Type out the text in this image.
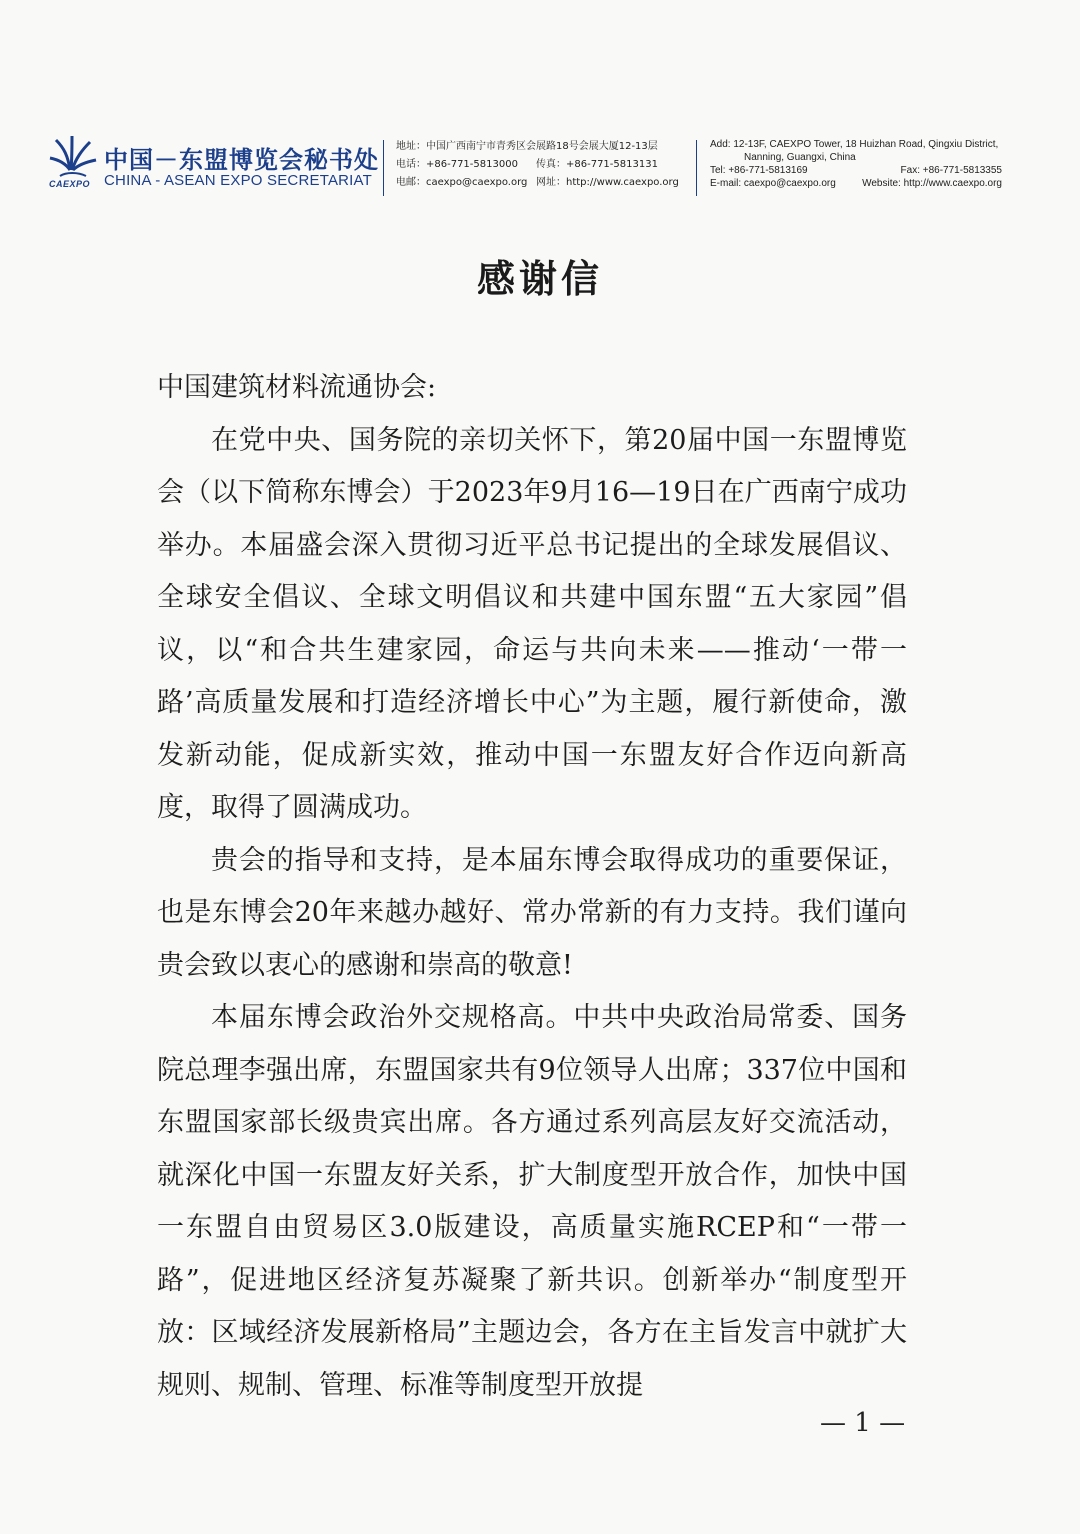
CAEXPO
中国－东盟博览会秘书处
CHINA - ASEAN EXPO SECRETARIAT
地址：中国广西南宁市青秀区会展路18号会展大厦12-13层
电话：+86-771-5813000 传真：+86-771-5813131
电邮：caexpo@caexpo.org 网址：http://www.caexpo.org
Add: 12-13F, CAEXPO Tower, 18 Huizhan Road, Qingxiu District,
Nanning, Guangxi, China
Tel: +86-771-5813169	Fax: +86-771-5813355
E-mail: caexpo@caexpo.org	Website: http://www.caexpo.org
感谢信

中国建筑材料流通协会:

在党中央、国务院的亲切关怀下，第20届中国一东盟博览会（以下简称东博会）于2023年9月16—19日在广西南宁成功举办。本届盛会深入贯彻习近平总书记提出的全球发展倡议、全球安全倡议、全球文明倡议和共建中国东盟“五大家园”倡议，以“和合共生建家园，命运与共向未来——推动‘一带一路’高质量发展和打造经济增长中心”为主题，履行新使命，激发新动能，促成新实效，推动中国一东盟友好合作迈向新高度，取得了圆满成功。

贵会的指导和支持，是本届东博会取得成功的重要保证，也是东博会20年来越办越好、常办常新的有力支持。我们谨向贵会致以衷心的感谢和崇高的敬意!

本届东博会政治外交规格高。中共中央政治局常委、国务院总理李强出席，东盟国家共有9位领导人出席；337位中国和东盟国家部长级贵宾出席。各方通过系列高层友好交流活动，就深化中国一东盟友好关系，扩大制度型开放合作，加快中国一东盟自由贸易区3.0版建设，高质量实施RCEP和“一带一路”，促进地区经济复苏凝聚了新共识。创新举办“制度型开放：区域经济发展新格局”主题边会，各方在主旨发言中就扩大规则、规制、管理、标准等制度型开放提

— 1 —
